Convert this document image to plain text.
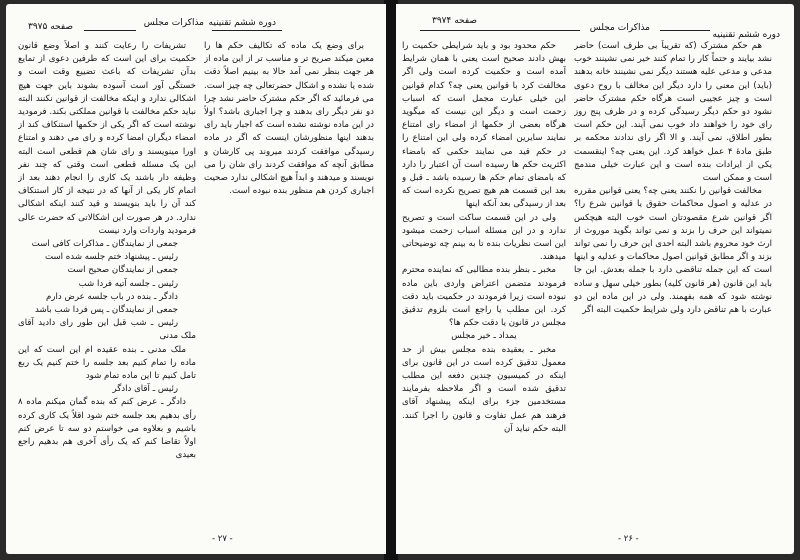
دوره ششم تقنینیه
مذاکرات مجلس
صفحه ۳۹۷۵

برای وضع یک ماده که تکالیف حکم ها را معین میکند صریح تر و مناسب تر از این ماده از هر جهت بنظر نمی آمد حالا به بینیم اصلاً دقت شده یا نشده و اشکال حضرتعالی چه چیز است. می فرمائید که اگر حکم مشترک حاضر نشد چرا دو نفر دیگر رای بدهند و چرا اجباری باشد؟ اولاً در این ماده نوشته نشده است که اجبار باید رای بدهند اینها منظورشان اینست که اگر در ماده رسیدگی موافقت کردند میروند پی کارشان و مطابق آنچه که موافقت کردند رای شان را می نویسند و میدهند و ابداً هیچ اشکالی ندارد صحیت اجباری کردن هم منظور بنده نبوده است.

تشریفات را رعایت کنند و اصلاً وضع قانون حکمیت برای این است که طرفین دعوی از تمایع بدآن تشریفات که باعث تضییع وقت است و خستگی آور است آسوده بشوند باین جهت هیچ اشکالی ندارد و اینکه مخالفت از قوانین نکنند البته نباید حکم مخالفت با قوانین مملکتی بکند. فرمودید نوشته است که اگر یکی از حکمها استنکاف کند از امضاء دیگران امضا کرده و رای می دهند و امتناع اورا مینویسند و رای شان هم قطعی است البته این یک مسئله قطعی است وقتی که چند نفر وظیفه دار باشند یک کاری را انجام دهند بعد از اتمام کار یکی از آنها که در نتیجه از کار استنکاف کند آن را باید بنویسند و قید کنند اینکه اشکالی ندارد. در هر صورت این اشکالاتی که حضرت عالی فرمودید واردات وارد نیست

جمعی از نمایندگان ـ مذاکرات کافی است

رئیس ـ پیشنهاد ختم جلسه شده است

جمعی از نمایندگان صحیح است

رئیس ـ جلسه آتیه فردا شب

دادگر ـ بنده در باب جلسه عرض دارم

جمعی از نمایندگان ـ پس فردا شب باشد

رئیس ـ شب قبل این طور رای دادید آقای ملک مدنی

ملک مدنی ـ بنده عقیده ام این است که این ماده را تمام کنیم بعد جلسه را ختم کنیم یک ربع تامل کنیم تا این ماده تمام شود

رئیس ـ آقای دادگر

دادگر ـ عرض کنم که بنده گمان میکنم ماده ۸ رأی بدهیم بعد جلسه ختم شود اقلاً یک کاری کرده باشیم و بعلاوه می خواستم دو سه تا عرض کنم اولاً تقاضا کنم که یک رأی آخری هم بدهیم راجع بعیدی

- ۲۷ -
دوره ششم تقنینیه
مذاکرات مجلس
صفحه ۳۹۷۴

حکم محدود بود و باید شرایطی حکمیت را بهش دادند صحیح است یعنی با همان شرایط آمده است و حکمیت کرده است ولی اگر مخالفت کرد با قوانین یعنی چه؟ کدام قوانین این خیلی عبارت مجمل است که اسباب زحمت است و دیگر این نیست که میگوید هرگاه بعضی از حکمها از امضاء رای امتناع نمایند سایرین امضاء کرده ولی این امتناع را در حکم قید می نمایند حکمی که بامضاء اکثریت حکم ها رسیده است آن اعتبار را دارد که بامضای تمام حکم ها رسیده باشد ـ قبل و بعد این قسمت هم هیچ تصریح نکرده است که بعد از رسیدگی بعد آنکه اینها

ولی در این قسمت ساکت است و تصریح ندارد و در این مسئله اسباب زحمت میشود این است نظریات بنده تا به بینم چه توضیحاتی میدهند.

مخبر ـ بنظر بنده مطالبی که نماینده محترم فرمودند متضمن اعتراض واردی باین ماده نبوده است زیرا فرمودند در حکمیت باید دقت کرد. این مطلب یا راجع است بلزوم تدقیق مجلس در قانون یا دقت حکم ها؟

یمداد ـ خیر مجلس

مخبر ـ بعقیده بنده مجلس بیش از حد معمول تدقیق کرده است در این قانون برای اینکه در کمیسیون چندین دفعه این مطلب تدقیق شده است و اگر ملاحظه بفرمایند مستخدمین جزء برای اینکه پیشنهاد آقای فرهند هم عمل تفاوت و قانون را اجرا کنند. البته حکم نباید آن

هم حکم مشترک (که تقریباً بی طرف است) حاضر نشد بیایند و حتماً کار را تمام کنند خیر نمی نشینند خوب مدعی و مدعی علیه هستند دیگر نمی نشینند خانه بدهند (باید) این معنی را دارد دیگر این مخالف با روح دعوی است و چیز عجیبی است هرگاه حکم مشترک حاضر نشود دو حکم دیگر رسیدگی کرده و در ظرف پنج روز رای خود را خواهند داد خوب نمی آیند. این حکم است بطور اطلاق. نمی آیند. و الا اگر رای ندادند محکمه بر طبق مادهٔ ۴ عمل خواهد کرد. این یعنی چه؟ اینقسمت یکی از ایرادات بنده است و این عبارت خیلی مندمج است و ممکن است

مخالفت قوانین را نکنند یعنی چه؟ یعنی قوانین مقرره در عدلیه و اصول محاکمات حقوق یا قوانین شرع را؟ اگر قوانین شرع مقصودتان است خوب البته هیچکس نمیتواند این حرف را بزند و نمی تواند بگوید موروث از ارث خود محروم باشد البته احدی این حرف را نمی تواند بزند و اگر مطابق قوانین اصول محاکمات و عدلیه و اینها است که این جمله تناقضی دارد با جمله بعدش. این جا باید این قانون (هر قانون کلیه) بطور خیلی سهل و ساده نوشته شود که همه بفهمند. ولی در این ماده این دو عبارت با هم تناقض دارد ولی شرایط حکمیت البته اگر

- ۲۶ -
